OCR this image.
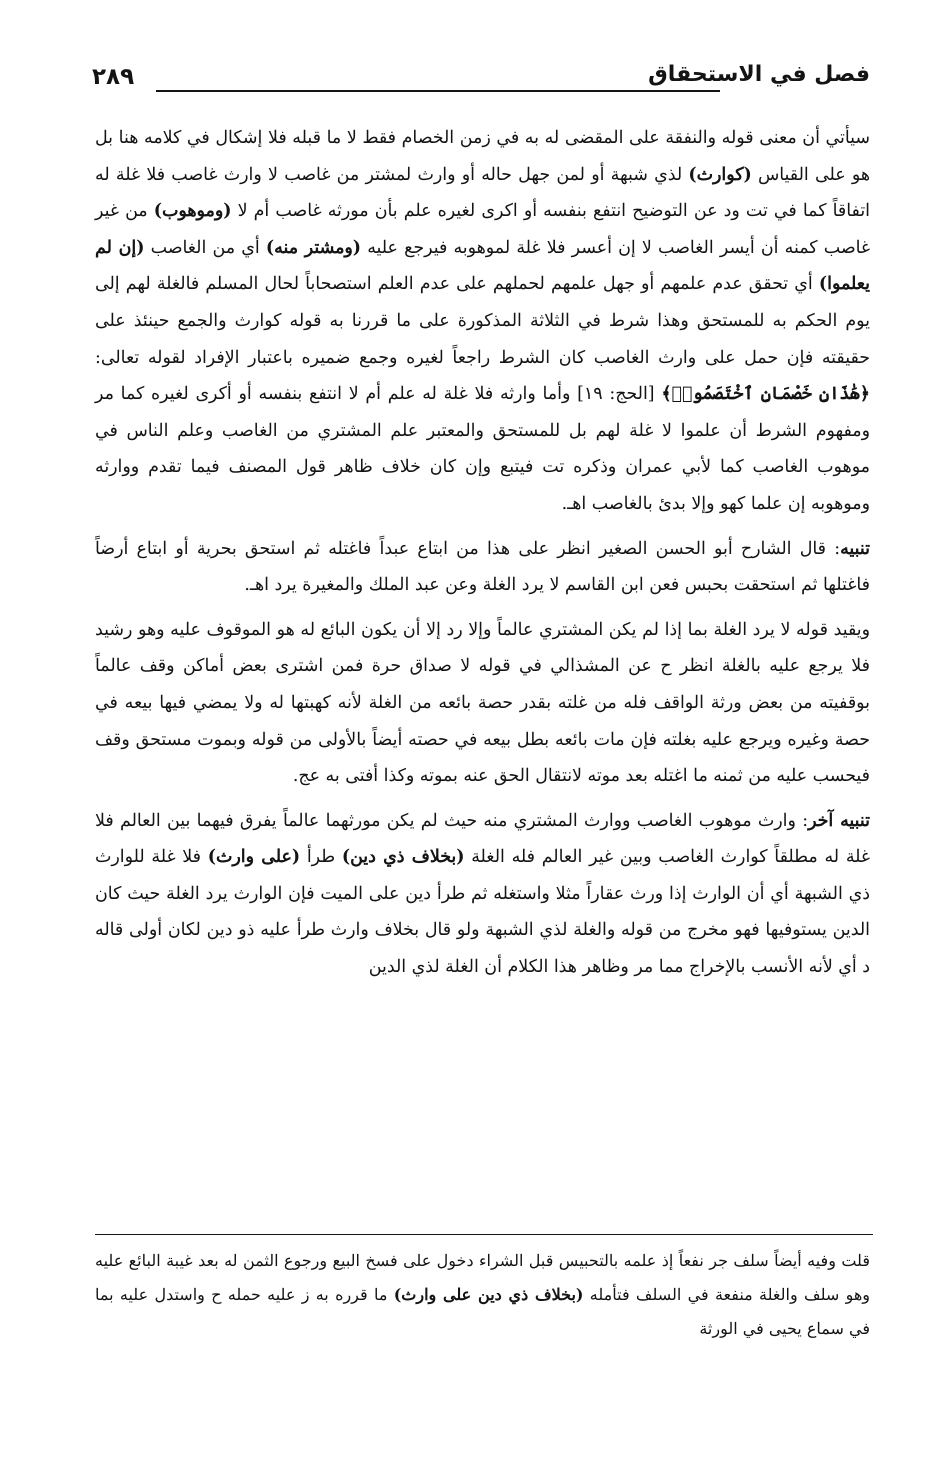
٢٨٩	فصل في الاستحقاق

سيأتي أن معنى قوله والنفقة على المقضى له به في زمن الخصام فقط لا ما قبله فلا إشكال في كلامه هنا بل هو على القياس (كوارث) لذي شبهة أو لمن جهل حاله أو وارث لمشتر من غاصب لا وارث غاصب فلا غلة له اتفاقاً كما في تت ود عن التوضيح انتفع بنفسه أو اكرى لغيره علم بأن مورثه غاصب أم لا (وموهوب) من غير غاصب كمنه أن أيسر الغاصب لا إن أعسر فلا غلة لموهوبه فيرجع عليه (ومشتر منه) أي من الغاصب (إن لم يعلموا) أي تحقق عدم علمهم أو جهل علمهم لحملهم على عدم العلم استصحاباً لحال المسلم فالغلة لهم إلى يوم الحكم به للمستحق وهذا شرط في الثلاثة المذكورة على ما قررنا به قوله كوارث والجمع حينئذ على حقيقته فإن حمل على وارث الغاصب كان الشرط راجعاً لغيره وجمع ضميره باعتبار الإفراد لقوله تعالى: ﴿هَٰذَانِ خَصْمَانِ ٱخْتَصَمُوا۟﴾ [الحج: ١٩] وأما وارثه فلا غلة له علم أم لا انتفع بنفسه أو أكرى لغيره كما مر ومفهوم الشرط أن علموا لا غلة لهم بل للمستحق والمعتبر علم المشتري من الغاصب وعلم الناس في موهوب الغاصب كما لأبي عمران وذكره تت فيتبع وإن كان خلاف ظاهر قول المصنف فيما تقدم ووارثه وموهوبه إن علما كهو وإلا بدئ بالغاصب اهـ.

تنبيه: قال الشارح أبو الحسن الصغير انظر على هذا من ابتاع عبداً فاغتله ثم استحق بحرية أو ابتاع أرضاً فاغتلها ثم استحقت بحبس فعن ابن القاسم لا يرد الغلة وعن عبد الملك والمغيرة يرد اهـ.

ويقيد قوله لا يرد الغلة بما إذا لم يكن المشتري عالماً وإلا رد إلا أن يكون البائع له هو الموقوف عليه وهو رشيد فلا يرجع عليه بالغلة انظر ح عن المشذالي في قوله لا صداق حرة فمن اشترى بعض أماكن وقف عالماً بوقفيته من بعض ورثة الواقف فله من غلته بقدر حصة بائعه من الغلة لأنه كهبتها له ولا يمضي فيها بيعه في حصة وغيره ويرجع عليه بغلته فإن مات بائعه بطل بيعه في حصته أيضاً بالأولى من قوله وبموت مستحق وقف فيحسب عليه من ثمنه ما اغتله بعد موته لانتقال الحق عنه بموته وكذا أفتى به عج.

تنبيه آخر: وارث موهوب الغاصب ووارث المشتري منه حيث لم يكن مورثهما عالماً يفرق فيهما بين العالم فلا غلة له مطلقاً كوارث الغاصب وبين غير العالم فله الغلة (بخلاف ذي دين) طرأ (على وارث) فلا غلة للوارث ذي الشبهة أي أن الوارث إذا ورث عقاراً مثلا واستغله ثم طرأ دين على الميت فإن الوارث يرد الغلة حيث كان الدين يستوفيها فهو مخرج من قوله والغلة لذي الشبهة ولو قال بخلاف وارث طرأ عليه ذو دين لكان أولى قاله د أي لأنه الأنسب بالإخراج مما مر وظاهر هذا الكلام أن الغلة لذي الدين

قلت وفيه أيضاً سلف جر نفعاً إذ علمه بالتحبيس قبل الشراء دخول على فسخ البيع ورجوع الثمن له بعد غيبة البائع عليه وهو سلف والغلة منفعة في السلف فتأمله (بخلاف ذي دين على وارث) ما قرره به ز عليه حمله ح واستدل عليه بما في سماع يحيى في الورثة
